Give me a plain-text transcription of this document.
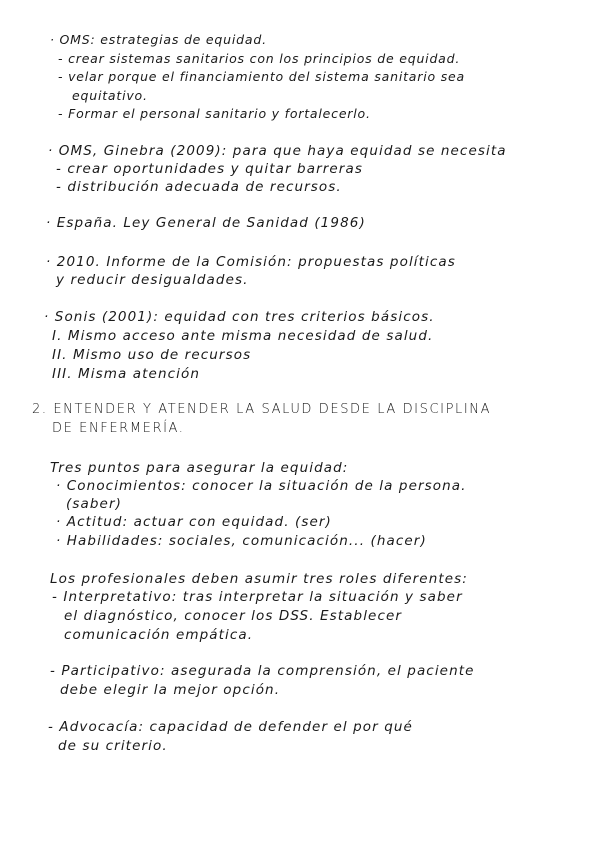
· OMS: estrategias de equidad.
- crear sistemas sanitarios con los principios de equidad.
- velar porque el financiamiento del sistema sanitario sea
equitativo.
- Formar el personal sanitario y fortalecerlo.
· OMS, Ginebra (2009): para que haya equidad se necesita
- crear oportunidades y quitar barreras
- distribución adecuada de recursos.
· España. Ley General de Sanidad (1986)
· 2010. Informe de la Comisión: propuestas políticas
y reducir desigualdades.
· Sonis (2001): equidad con tres criterios básicos.
I. Mismo acceso ante misma necesidad de salud.
II. Mismo uso de recursos
III. Misma atención
2. ENTENDER Y ATENDER LA SALUD DESDE LA DISCIPLINA
DE ENFERMERÍA.
Tres puntos para asegurar la equidad:
· Conocimientos: conocer la situación de la persona.
(saber)
· Actitud: actuar con equidad. (ser)
· Habilidades: sociales, comunicación... (hacer)
Los profesionales deben asumir tres roles diferentes:
- Interpretativo: tras interpretar la situación y saber
el diagnóstico, conocer los DSS. Establecer
comunicación empática.
- Participativo: asegurada la comprensión, el paciente
debe elegir la mejor opción.
- Advocacía: capacidad de defender el por qué
de su criterio.
